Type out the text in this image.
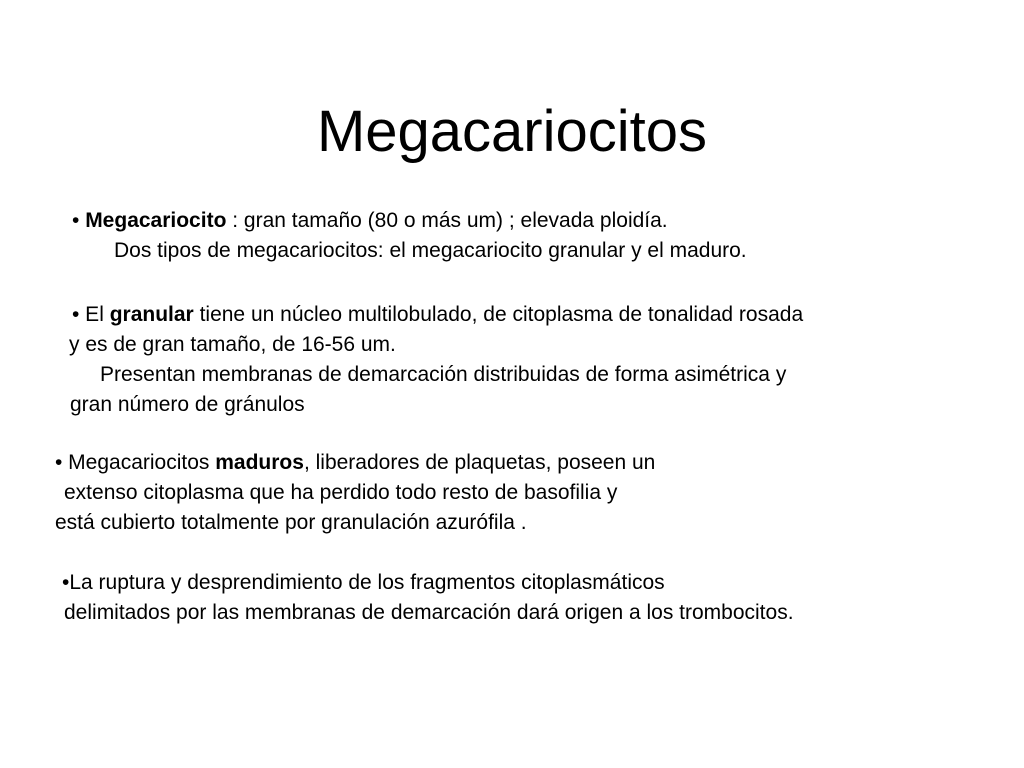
Megacariocitos
• Megacariocito : gran tamaño (80 o más um) ; elevada ploidía.
Dos tipos de megacariocitos: el megacariocito granular y el maduro.
• El granular tiene un núcleo multilobulado, de citoplasma de tonalidad rosada
y es de gran tamaño, de 16-56 um.
Presentan membranas de demarcación distribuidas de forma asimétrica y
gran número de gránulos
• Megacariocitos maduros, liberadores de plaquetas, poseen un
extenso citoplasma que ha perdido todo resto de basofilia y
está cubierto totalmente por granulación azurófila .
•La ruptura y desprendimiento de los fragmentos citoplasmáticos
delimitados por las membranas de demarcación dará origen a los trombocitos.
